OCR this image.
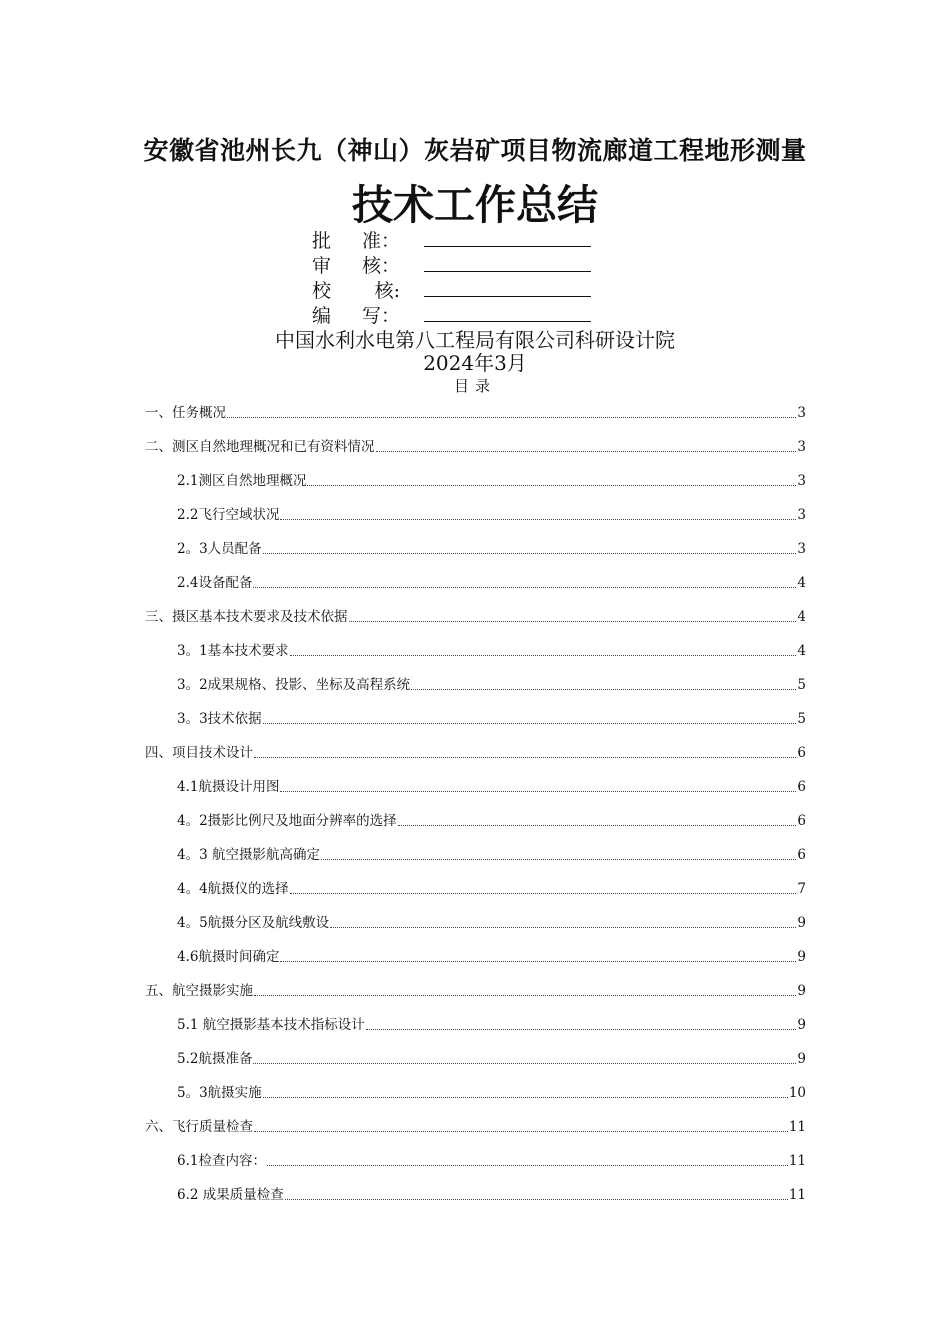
安徽省池州长九（神山）灰岩矿项目物流廊道工程地形测量
技术工作总结
批 准：
审 核：
校 核:
编 写：
中国水利水电第八工程局有限公司科研设计院
2024年3月
目录
一、任务概况	3
二、测区自然地理概况和已有资料情况	3
2.1测区自然地理概况	3
2.2飞行空域状况	3
2。3人员配备	3
2.4设备配备	4
三、摄区基本技术要求及技术依据	4
3。1基本技术要求	4
3。2成果规格、投影、坐标及高程系统	5
3。3技术依据	5
四、项目技术设计	6
4.1航摄设计用图	6
4。2摄影比例尺及地面分辨率的选择	6
4。3 航空摄影航高确定	6
4。4航摄仪的选择	7
4。5航摄分区及航线敷设	9
4.6航摄时间确定	9
五、航空摄影实施	9
5.1 航空摄影基本技术指标设计	9
5.2航摄准备	9
5。3航摄实施	10
六、飞行质量检查	11
6.1检查内容：	11
6.2 成果质量检查	11
